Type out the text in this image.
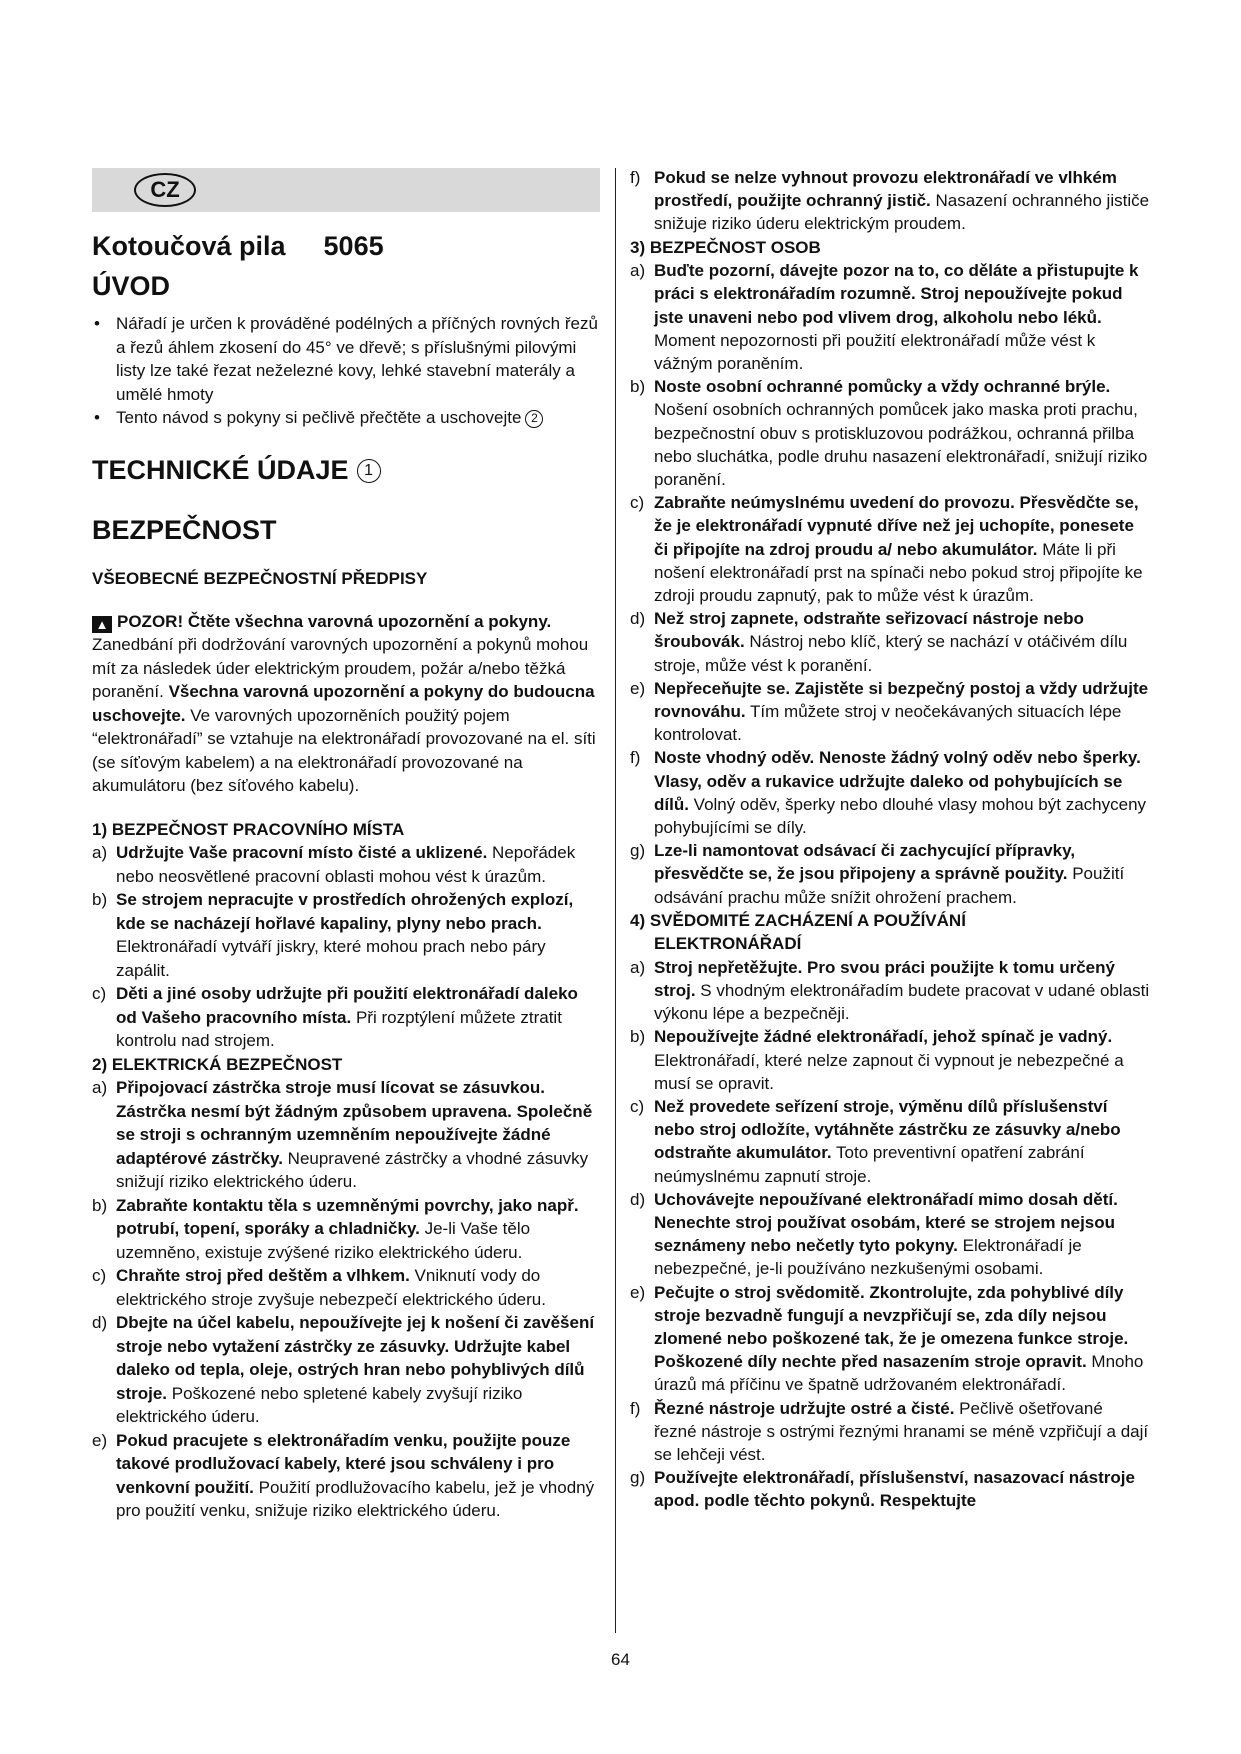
CZ
Kotoučová pila 5065
ÚVOD
• Nářadí je určen k prováděné podélných a příčných rovných řezů a řezů áhlem zkosení do 45° ve dřevě; s příslušnými pilovými listy lze také řezat neželezné kovy, lehké stavební materály a umělé hmoty
• Tento návod s pokyny si pečlivě přečtěte a uschovejte 2
TECHNICKÉ ÚDAJE 1
BEZPEČNOST
VŠEOBECNÉ BEZPEČNOSTNÍ PŘEDPISY

▲ POZOR! Čtěte všechna varovná upozornění a pokyny. Zanedbání při dodržování varovných upozornění a pokynů mohou mít za následek úder elektrickým proudem, požár a/nebo těžká poranění. Všechna varovná upozornění a pokyny do budoucna uschovejte. Ve varovných upozorněních použitý pojem “elektronářadí” se vztahuje na elektronářadí provozované na el. síti (se síťovým kabelem) a na elektronářadí provozované na akumulátoru (bez síťového kabelu).

1) BEZPEČNOST PRACOVNÍHO MÍSTA
a) Udržujte Vaše pracovní místo čisté a uklizené. Nepořádek nebo neosvětlené pracovní oblasti mohou vést k úrazům.
b) Se strojem nepracujte v prostředích ohrožených explozí, kde se nacházejí hořlavé kapaliny, plyny nebo prach. Elektronářadí vytváří jiskry, které mohou prach nebo páry zapálit.
c) Děti a jiné osoby udržujte při použití elektronářadí daleko od Vašeho pracovního místa. Při rozptýlení můžete ztratit kontrolu nad strojem.
2) ELEKTRICKÁ BEZPEČNOST
a) Připojovací zástrčka stroje musí lícovat se zásuvkou. Zástrčka nesmí být žádným způsobem upravena. Společně se stroji s ochranným uzemněním nepoužívejte žádné adaptérové zástrčky. Neupravené zástrčky a vhodné zásuvky snižují riziko elektrického úderu.
b) Zabraňte kontaktu těla s uzemněnými povrchy, jako např. potrubí, topení, sporáky a chladničky. Je-li Vaše tělo uzemněno, existuje zvýšené riziko elektrického úderu.
c) Chraňte stroj před deštěm a vlhkem. Vniknutí vody do elektrického stroje zvyšuje nebezpečí elektrického úderu.
d) Dbejte na účel kabelu, nepoužívejte jej k nošení či zavěšení stroje nebo vytažení zástrčky ze zásuvky. Udržujte kabel daleko od tepla, oleje, ostrých hran nebo pohyblivých dílů stroje. Poškozené nebo spletené kabely zvyšují riziko elektrického úderu.
e) Pokud pracujete s elektronářadím venku, použijte pouze takové prodlužovací kabely, které jsou schváleny i pro venkovní použití. Použití prodlužovacího kabelu, jež je vhodný pro použití venku, snižuje riziko elektrického úderu.
f) Pokud se nelze vyhnout provozu elektronářadí ve vlhkém prostředí, použijte ochranný jistič. Nasazení ochranného jističe snižuje riziko úderu elektrickým proudem.
3) BEZPEČNOST OSOB
a) Buďte pozorní, dávejte pozor na to, co děláte a přistupujte k práci s elektronářadím rozumně. Stroj nepoužívejte pokud jste unaveni nebo pod vlivem drog, alkoholu nebo léků. Moment nepozornosti při použití elektronářadí může vést k vážným poraněním.
b) Noste osobní ochranné pomůcky a vždy ochranné brýle. Nošení osobních ochranných pomůcek jako maska proti prachu, bezpečnostní obuv s protiskluzovou podrážkou, ochranná přilba nebo sluchátka, podle druhu nasazení elektronářadí, snižují riziko poranění.
c) Zabraňte neúmyslnému uvedení do provozu. Přesvědčte se, že je elektronářadí vypnuté dříve než jej uchopíte, ponesete či připojíte na zdroj proudu a/ nebo akumulátor. Máte li při nošení elektronářadí prst na spínači nebo pokud stroj připojíte ke zdroji proudu zapnutý, pak to může vést k úrazům.
d) Než stroj zapnete, odstraňte seřizovací nástroje nebo šroubovák. Nástroj nebo klíč, který se nachází v otáčivém dílu stroje, může vést k poranění.
e) Nepřeceňujte se. Zajistěte si bezpečný postoj a vždy udržujte rovnováhu. Tím můžete stroj v neočekávaných situacích lépe kontrolovat.
f) Noste vhodný oděv. Nenoste žádný volný oděv nebo šperky. Vlasy, oděv a rukavice udržujte daleko od pohybujících se dílů. Volný oděv, šperky nebo dlouhé vlasy mohou být zachyceny pohybujícími se díly.
g) Lze-li namontovat odsávací či zachycující přípravky, přesvědčte se, že jsou připojeny a správně použity. Použití odsávání prachu může snížit ohrožení prachem.
4) SVĚDOMITÉ ZACHÁZENÍ A POUŽÍVÁNÍ
ELEKTRONÁŘADÍ
a) Stroj nepřetěžujte. Pro svou práci použijte k tomu určený stroj. S vhodným elektronářadím budete pracovat v udané oblasti výkonu lépe a bezpečněji.
b) Nepoužívejte žádné elektronářadí, jehož spínač je vadný. Elektronářadí, které nelze zapnout či vypnout je nebezpečné a musí se opravit.
c) Než provedete seřízení stroje, výměnu dílů příslušenství nebo stroj odložíte, vytáhněte zástrčku ze zásuvky a/nebo odstraňte akumulátor. Toto preventivní opatření zabrání neúmyslnému zapnutí stroje.
d) Uchovávejte nepoužívané elektronářadí mimo dosah dětí. Nenechte stroj používat osobám, které se strojem nejsou seznámeny nebo nečetly tyto pokyny. Elektronářadí je nebezpečné, je-li používáno nezkušenými osobami.
e) Pečujte o stroj svědomitě. Zkontrolujte, zda pohyblivé díly stroje bezvadně fungují a nevzpřičují se, zda díly nejsou zlomené nebo poškozené tak, že je omezena funkce stroje. Poškozené díly nechte před nasazením stroje opravit. Mnoho úrazů má příčinu ve špatně udržovaném elektronářadí.
f) Řezné nástroje udržujte ostré a čisté. Pečlivě ošetřované řezné nástroje s ostrými řeznými hranami se méně vzpřičují a dají se lehčeji vést.
g) Používejte elektronářadí, příslušenství, nasazovací nástroje apod. podle těchto pokynů. Respektujte
64
